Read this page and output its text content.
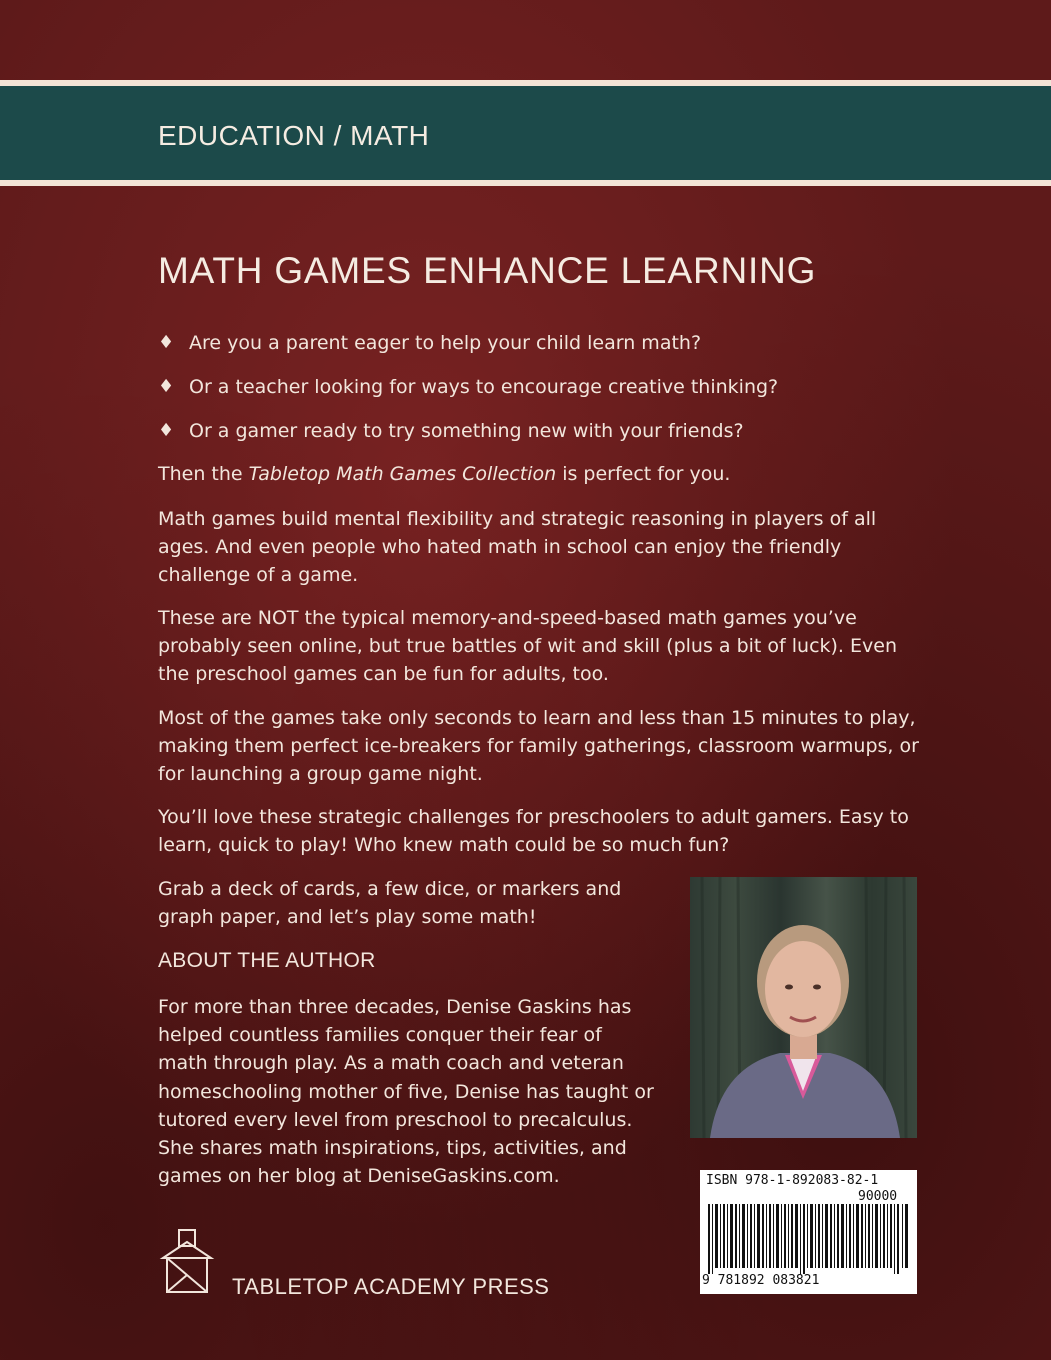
EDUCATION / MATH
MATH GAMES ENHANCE LEARNING
♦ Are you a parent eager to help your child learn math?
♦ Or a teacher looking for ways to encourage creative thinking?
♦ Or a gamer ready to try something new with your friends?

Then the Tabletop Math Games Collection is perfect for you.

Math games build mental flexibility and strategic reasoning in players of all ages. And even people who hated math in school can enjoy the friendly challenge of a game.

These are NOT the typical memory-and-speed-based math games you’ve probably seen online, but true battles of wit and skill (plus a bit of luck). Even the preschool games can be fun for adults, too.

Most of the games take only seconds to learn and less than 15 minutes to play, making them perfect ice-breakers for family gatherings, classroom warmups, or for launching a group game night.

You’ll love these strategic challenges for preschoolers to adult gamers. Easy to learn, quick to play! Who knew math could be so much fun?

Grab a deck of cards, a few dice, or markers and
graph paper, and let’s play some math!

ABOUT THE AUTHOR

For more than three decades, Denise Gaskins has
helped countless families conquer their fear of
math through play. As a math coach and veteran
homeschooling mother of five, Denise has taught or
tutored every level from preschool to precalculus.
She shares math inspirations, tips, activities, and
games on her blog at DeniseGaskins.com.	ISBN 978-1-892083-82-1
90000
9 781892 083821
TABLETOP ACADEMY PRESS
